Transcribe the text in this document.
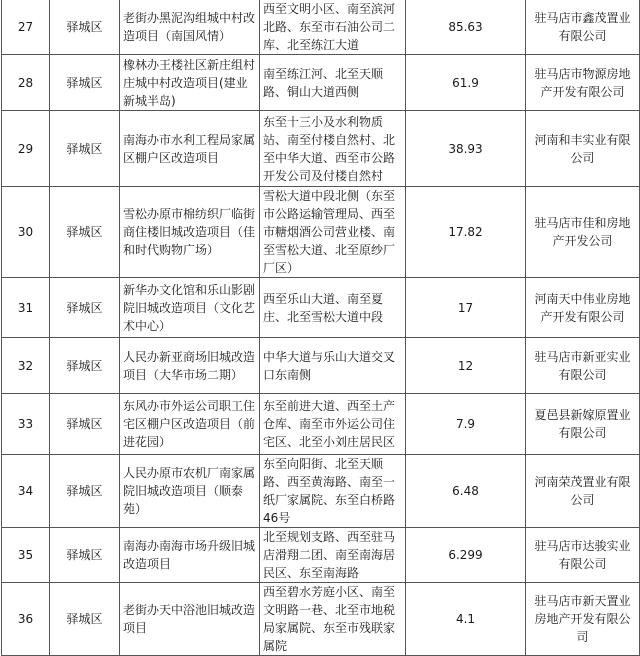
27	驿城区	老街办黑泥沟组城中村改造项目（南国风情）	西至文明小区、南至滨河北路、东至市石油公司二库、北至练江大道	85.63	驻马店市鑫茂置业有限公司
28	驿城区	橡林办王楼社区新庄组村庄城中村改造项目(建业新城半岛)	南至练江河、北至天顺路、铜山大道西侧	61.9	驻马店市物源房地产开发有限公司
29	驿城区	南海办市水利工程局家属区棚户区改造项目	东至十三小及水利物质站、南至付楼自然村、北至中华大道、西至市公路开发公司及付楼自然村	38.93	河南和丰实业有限公司
30	驿城区	雪松办原市棉纺织厂临街商住楼旧城改造项目（佳和时代购物广场）	雪松大道中段北侧（东至市公路运输管理局、西至市糖烟酒公司营业楼、南至雪松大道、北至原纱厂厂区）	17.82	驻马店市佳和房地产开发公司
31	驿城区	新华办文化馆和乐山影剧院旧城改造项目（文化艺术中心）	西至乐山大道、南至夏庄、北至雪松大道中段	17	河南天中伟业房地产开发有限公司
32	驿城区	人民办新亚商场旧城改造项目（大华市场二期）	中华大道与乐山大道交叉口东南侧	12	驻马店市新亚实业有限公司
33	驿城区	东风办市外运公司职工住宅区棚户区改造项目（前进花园）	东至前进大道、西至土产仓库、南至市外运公司住宅区、北至小刘庄居民区	7.9	夏邑县新嫁原置业有限公司
34	驿城区	人民办原市农机厂南家属院旧城改造项目（顺泰苑）	东至向阳街、北至天顺路、西至黄海路、南至一纸厂家属院、东至白桥路46号	6.48	河南荣茂置业有限公司
35	驿城区	南海办南海市场升级旧城改造项目	北至规划支路、西至驻马店滑翔二团、南至南海居民区、东至南海路	6.299	驻马店市达骏实业有限公司
36	驿城区	老街办天中浴池旧城改造项目	西至碧水芳庭小区、南至文明路一巷、北至市地税局家属院、东至市残联家属院	4.1	驻马店市新天置业房地产开发有限公司
